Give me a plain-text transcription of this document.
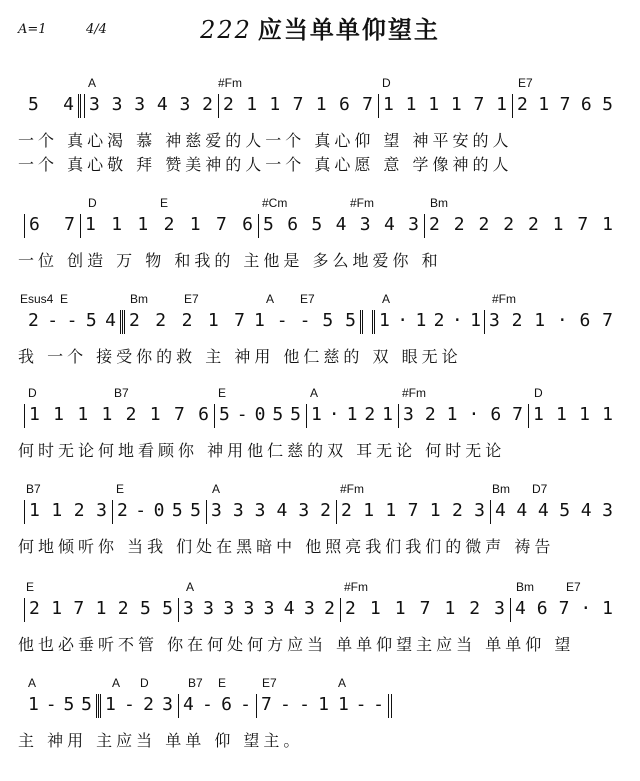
A=1	4/4	222 应当单单仰望主
A	#Fm	D	E7
5 4 3 3 3 4 3 2 2 1 1 7 1 6 7 1 1 1 1 7 1 2 1 7 6 5
一个 真心渴 慕 神慈爱的人一个 真心仰 望 神平安的人
一个 真心敬 拜 赞美神的人一个 真心愿 意 学像神的人
D	E	#Cm	#Fm	Bm
6 7 1 1 1 2 1 7 6 5 6 5 4 3 4 3 2 2 2 2 2 1 7 1
一位 创造 万 物 和我的 主他是 多么地爱你 和
Esus4 E	Bm	E7	A E7	A	#Fm
2 - - 5 4 2 2 2 1 7 1 - - 5 5 1 · 1 2 · 1 3 2 1 · 6 7
我 一个 接受你的救 主 神用 他仁慈的 双 眼无论
D	B7	E	A	#Fm	D
1 1 1 1 2 1 7 6 5 - 0 5 5 1 · 1 2 1 3 2 1 · 6 7 1 1 1 1
何时无论何地看顾你 神用他仁慈的双 耳无论 何时无论
B7	E	A	#Fm	Bm D7
1 1 2 3 2 - 0 5 5 3 3 3 4 3 2 2 1 1 7 1 2 3 4 4 4 5 4 3
何地倾听你 当我 们处在黑暗中 他照亮我们我们的微声 祷告
E	A	#Fm	Bm	E7
2 1 7 1 2 5 5 3 3 3 3 3 4 3 2 2 1 1 7 1 2 3 4 6 7 · 1
他也必垂听不管 你在何处何方应当 单单仰望主应当 单单仰 望
A	A D	B7 E	E7	A
1 - 5 5 1 - 2 3 4 - 6 - 7 - - 1 1 - -
主 神用 主应当 单单 仰 望主。
